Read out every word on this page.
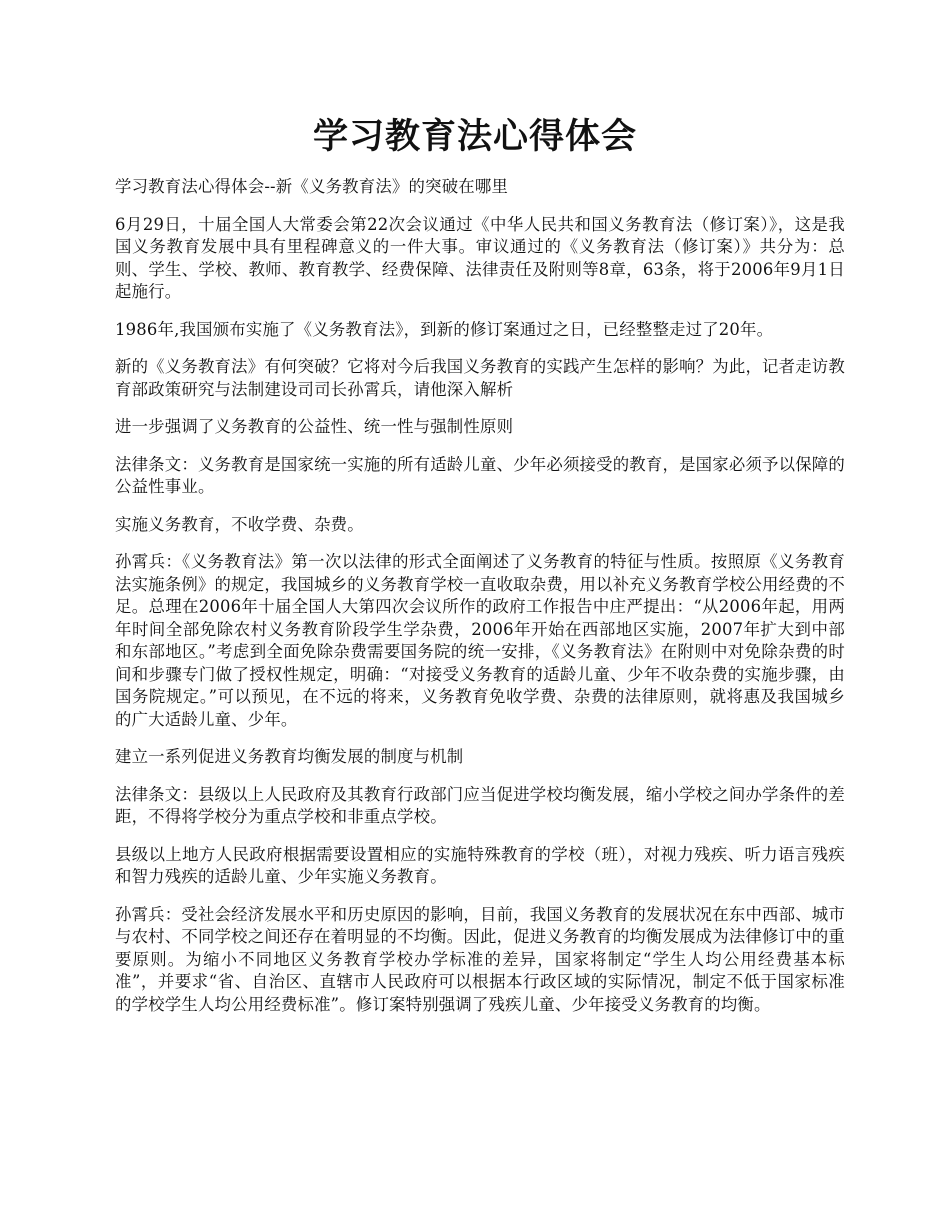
学习教育法心得体会

学习教育法心得体会--新《义务教育法》的突破在哪里

6月29日，十届全国人大常委会第22次会议通过《中华人民共和国义务教育法（修订案）》，这是我国义务教育发展中具有里程碑意义的一件大事。审议通过的《义务教育法（修订案）》共分为：总则、学生、学校、教师、教育教学、经费保障、法律责任及附则等8章，63条，将于2006年9月1日起施行。

1986年,我国颁布实施了《义务教育法》，到新的修订案通过之日，已经整整走过了20年。

新的《义务教育法》有何突破？它将对今后我国义务教育的实践产生怎样的影响？为此，记者走访教育部政策研究与法制建设司司长孙霄兵，请他深入解析

进一步强调了义务教育的公益性、统一性与强制性原则

法律条文：义务教育是国家统一实施的所有适龄儿童、少年必须接受的教育，是国家必须予以保障的公益性事业。

实施义务教育，不收学费、杂费。

孙霄兵：《义务教育法》第一次以法律的形式全面阐述了义务教育的特征与性质。按照原《义务教育法实施条例》的规定，我国城乡的义务教育学校一直收取杂费，用以补充义务教育学校公用经费的不足。总理在2006年十届全国人大第四次会议所作的政府工作报告中庄严提出：“从2006年起，用两年时间全部免除农村义务教育阶段学生学杂费，2006年开始在西部地区实施，2007年扩大到中部和东部地区。”考虑到全面免除杂费需要国务院的统一安排，《义务教育法》在附则中对免除杂费的时间和步骤专门做了授权性规定，明确：“对接受义务教育的适龄儿童、少年不收杂费的实施步骤，由国务院规定。”可以预见，在不远的将来，义务教育免收学费、杂费的法律原则，就将惠及我国城乡的广大适龄儿童、少年。

建立一系列促进义务教育均衡发展的制度与机制

法律条文：县级以上人民政府及其教育行政部门应当促进学校均衡发展，缩小学校之间办学条件的差距，不得将学校分为重点学校和非重点学校。

县级以上地方人民政府根据需要设置相应的实施特殊教育的学校（班），对视力残疾、听力语言残疾和智力残疾的适龄儿童、少年实施义务教育。

孙霄兵：受社会经济发展水平和历史原因的影响，目前，我国义务教育的发展状况在东中西部、城市与农村、不同学校之间还存在着明显的不均衡。因此，促进义务教育的均衡发展成为法律修订中的重要原则。为缩小不同地区义务教育学校办学标准的差异，国家将制定“学生人均公用经费基本标准”，并要求“省、自治区、直辖市人民政府可以根据本行政区域的实际情况，制定不低于国家标准的学校学生人均公用经费标准”。修订案特别强调了残疾儿童、少年接受义务教育的均衡。
